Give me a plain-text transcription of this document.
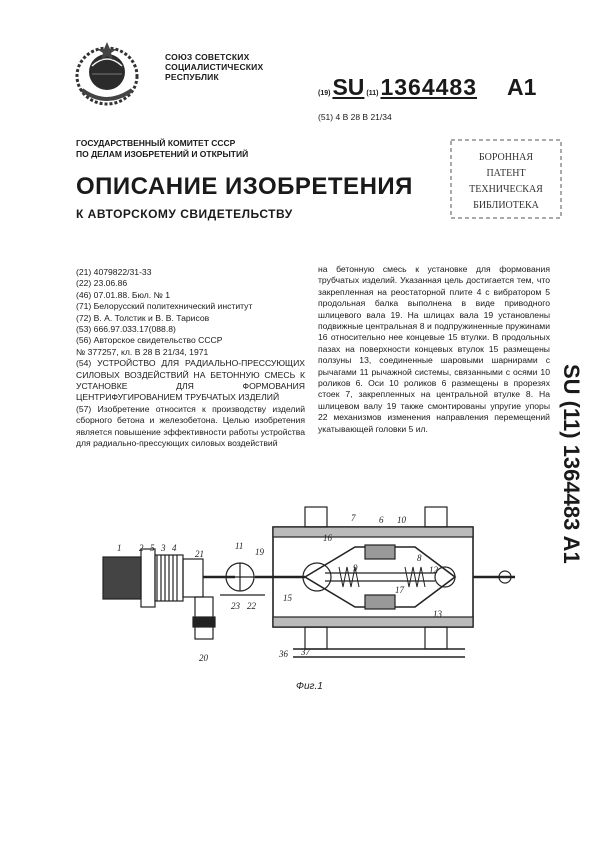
СОЮЗ СОВЕТСКИХ
СОЦИАЛИСТИЧЕСКИХ
РЕСПУБЛИК
(19) SU (11) 1364483 A1
(51) 4 B 28 B 21/34
ГОСУДАРСТВЕННЫЙ КОМИТЕТ СССР
ПО ДЕЛАМ ИЗОБРЕТЕНИЙ И ОТКРЫТИЙ	БОРОННАЯ
ПАТЕНТ
ТЕХНИЧЕСКАЯ
БИБЛИОТЕКА
ОПИСАНИЕ ИЗОБРЕТЕНИЯ
К АВТОРСКОМУ СВИДЕТЕЛЬСТВУ
(21) 4079822/31-33
(22) 23.06.86
(46) 07.01.88. Бюл. № 1
(71) Белорусский политехнический институт
(72) В. А. Толстик и В. В. Тарисов
(53) 666.97.033.17(088.8)
(56) Авторское свидетельство СССР
№ 377257, кл. В 28 В 21/34, 1971
(54) УСТРОЙСТВО ДЛЯ РАДИАЛЬНО-ПРЕССУЮЩИХ СИЛОВЫХ ВОЗДЕЙСТВИЙ НА БЕТОННУЮ СМЕСЬ К УСТАНОВКЕ ДЛЯ ФОРМОВАНИЯ ЦЕНТРИФУГИРОВАНИЕМ ТРУБЧАТЫХ ИЗДЕЛИЙ

(57) Изобретение относится к производству изделий сборного бетона и железобетона. Целью изобретения является повышение эффективности работы устройства для радиально-прессующих силовых воздействий

на бетонную смесь к установке для формования трубчатых изделий. Указанная цель достигается тем, что закрепленная на реостаторной плите 4 с вибратором 5 продольная балка выполнена в виде приводного шлицевого вала 19. На шлицах вала 19 установлены подвижные центральная 8 и подпружиненные пружинами 16 относительно нее концевые 15 втулки. В продольных пазах на поверхности концевых втулок 15 размещены ползуны 13, соединенные шаровыми шарнирами с рычагами 11 рычажной системы, связанными с осями 10 роликов 6. Оси 10 роликов 6 размещены в прорезях стоек 7, закрепленных на центральной втулке 8. На шлицевом валу 19 также смонтированы упругие упоры 22 механизмов изменения направления перемещений укатывающей головки 5 ил.	SU (11) 1364483 A1
1 2 5 3 4
21
11
19
23 22
20
15
16
7	6 10
9
8
17
12
13
36 37
Фиг.1
